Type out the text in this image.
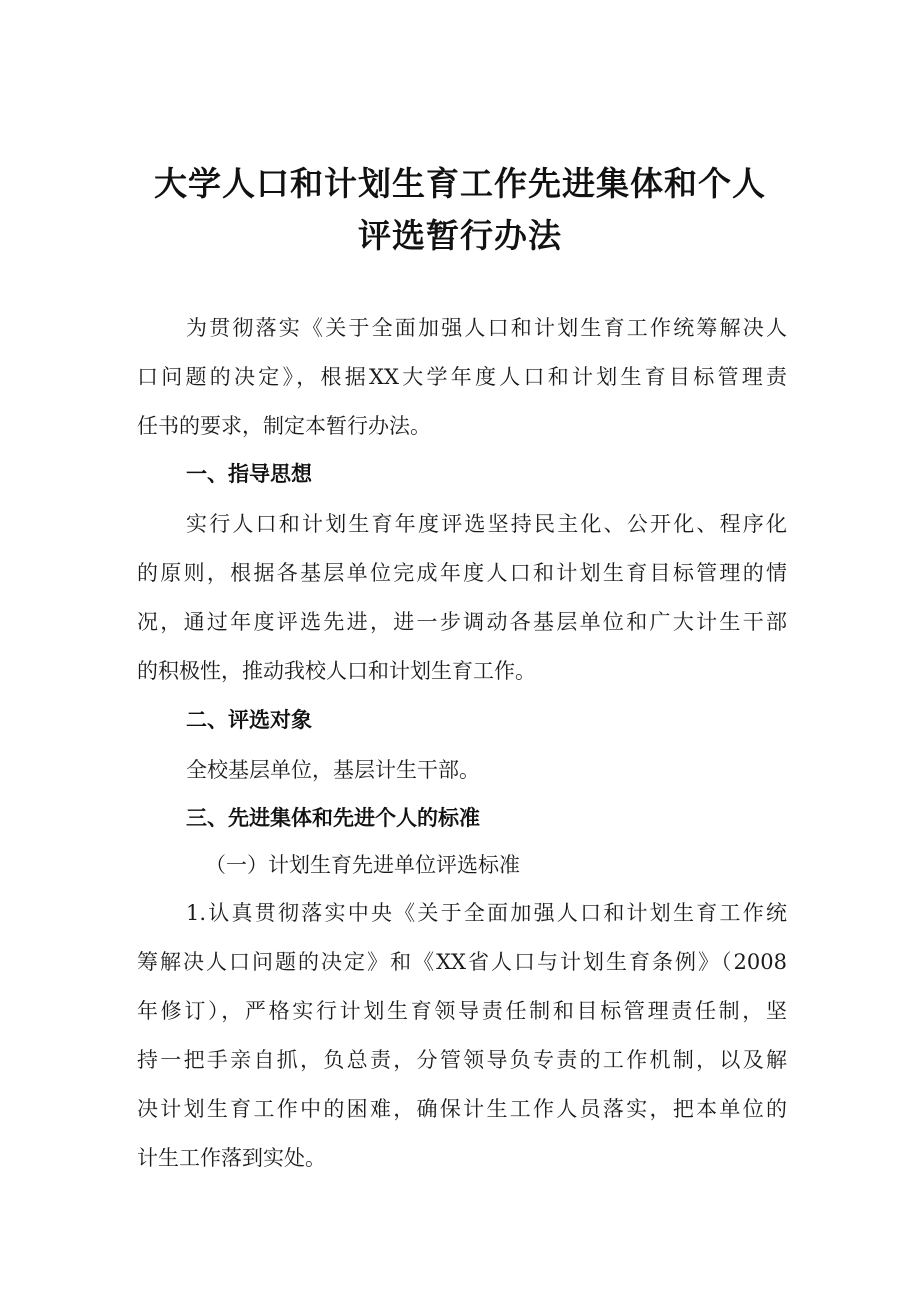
大学人口和计划生育工作先进集体和个人
评选暂行办法
为贯彻落实《关于全面加强人口和计划生育工作统筹解决人
口问题的决定》，根据XX大学年度人口和计划生育目标管理责
任书的要求，制定本暂行办法。
一、指导思想
实行人口和计划生育年度评选坚持民主化、公开化、程序化
的原则，根据各基层单位完成年度人口和计划生育目标管理的情
况，通过年度评选先进，进一步调动各基层单位和广大计生干部
的积极性，推动我校人口和计划生育工作。
二、评选对象
全校基层单位，基层计生干部。
三、先进集体和先进个人的标准
（一）计划生育先进单位评选标准
1.认真贯彻落实中央《关于全面加强人口和计划生育工作统
筹解决人口问题的决定》和《XX省人口与计划生育条例》（2008
年修订），严格实行计划生育领导责任制和目标管理责任制，坚
持一把手亲自抓，负总责，分管领导负专责的工作机制，以及解
决计划生育工作中的困难，确保计生工作人员落实，把本单位的
计生工作落到实处。
